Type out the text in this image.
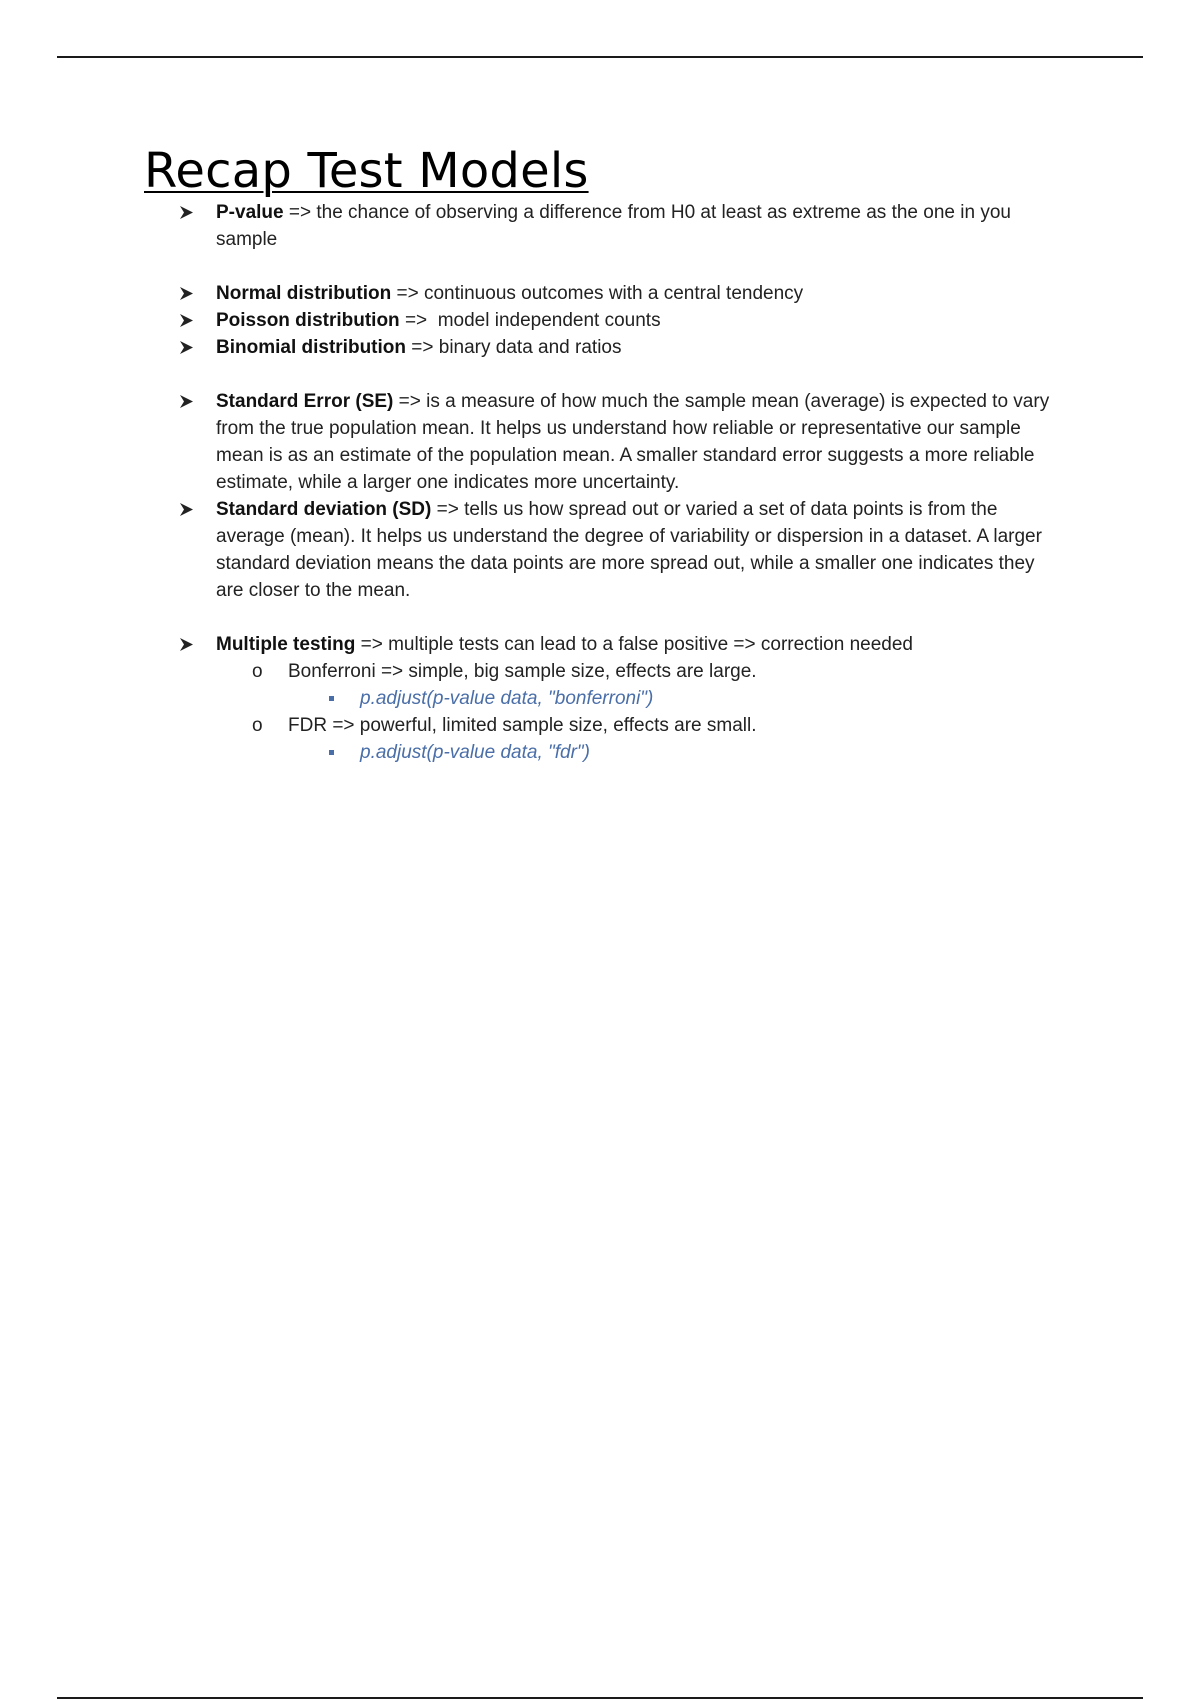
Recap Test Models
P-value => the chance of observing a difference from H0 at least as extreme as the one in you sample
Normal distribution => continuous outcomes with a central tendency
Poisson distribution =>  model independent counts
Binomial distribution => binary data and ratios
Standard Error (SE) => is a measure of how much the sample mean (average) is expected to vary from the true population mean. It helps us understand how reliable or representative our sample mean is as an estimate of the population mean. A smaller standard error suggests a more reliable estimate, while a larger one indicates more uncertainty.
Standard deviation (SD) => tells us how spread out or varied a set of data points is from the average (mean). It helps us understand the degree of variability or dispersion in a dataset. A larger standard deviation means the data points are more spread out, while a smaller one indicates they are closer to the mean.
Multiple testing => multiple tests can lead to a false positive => correction needed
o Bonferroni => simple, big sample size, effects are large.
p.adjust(p-value data, "bonferroni")
o FDR => powerful, limited sample size, effects are small.
p.adjust(p-value data, "fdr")
